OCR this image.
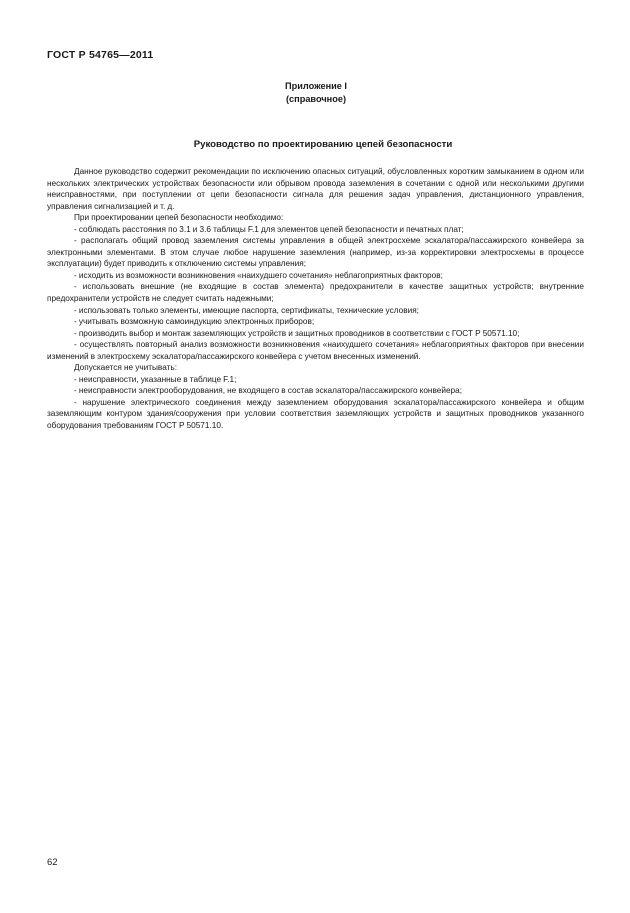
ГОСТ Р 54765—2011
Приложение I
(справочное)
Руководство по проектированию цепей безопасности

Данное руководство содержит рекомендации по исключению опасных ситуаций, обусловленных коротким замыканием в одном или нескольких электрических устройствах безопасности или обрывом провода заземления в сочетании с одной или несколькими другими неисправностями, при поступлении от цепи безопасности сигнала для решения задач управления, дистанционного управления, управления сигнализацией и т. д.

При проектировании цепей безопасности необходимо:

- соблюдать расстояния по 3.1 и 3.6 таблицы F.1 для элементов цепей безопасности и печатных плат;

- располагать общий провод заземления системы управления в общей электросхеме эскалатора/пассажирского конвейера за электронными элементами. В этом случае любое нарушение заземления (например, из-за корректировки электросхемы в процессе эксплуатации) будет приводить к отключению системы управления;

- исходить из возможности возникновения «наихудшего сочетания» неблагоприятных факторов;

- использовать внешние (не входящие в состав элемента) предохранители в качестве защитных устройств; внутренние предохранители устройств не следует считать надежными;

- использовать только элементы, имеющие паспорта, сертификаты, технические условия;

- учитывать возможную самоиндукцию электронных приборов;

- производить выбор и монтаж заземляющих устройств и защитных проводников в соответствии с ГОСТ Р 50571.10;

- осуществлять повторный анализ возможности возникновения «наихудшего сочетания» неблагоприятных факторов при внесении изменений в электросхему эскалатора/пассажирского конвейера с учетом внесенных изменений.

Допускается не учитывать:

- неисправности, указанные в таблице F.1;

- неисправности электрооборудования, не входящего в состав эскалатора/пассажирского конвейера;

- нарушение электрического соединения между заземлением оборудования эскалатора/пассажирского конвейера и общим заземляющим контуром здания/сооружения при условии соответствия заземляющих устройств и защитных проводников указанного оборудования требованиям ГОСТ Р 50571.10.

62
